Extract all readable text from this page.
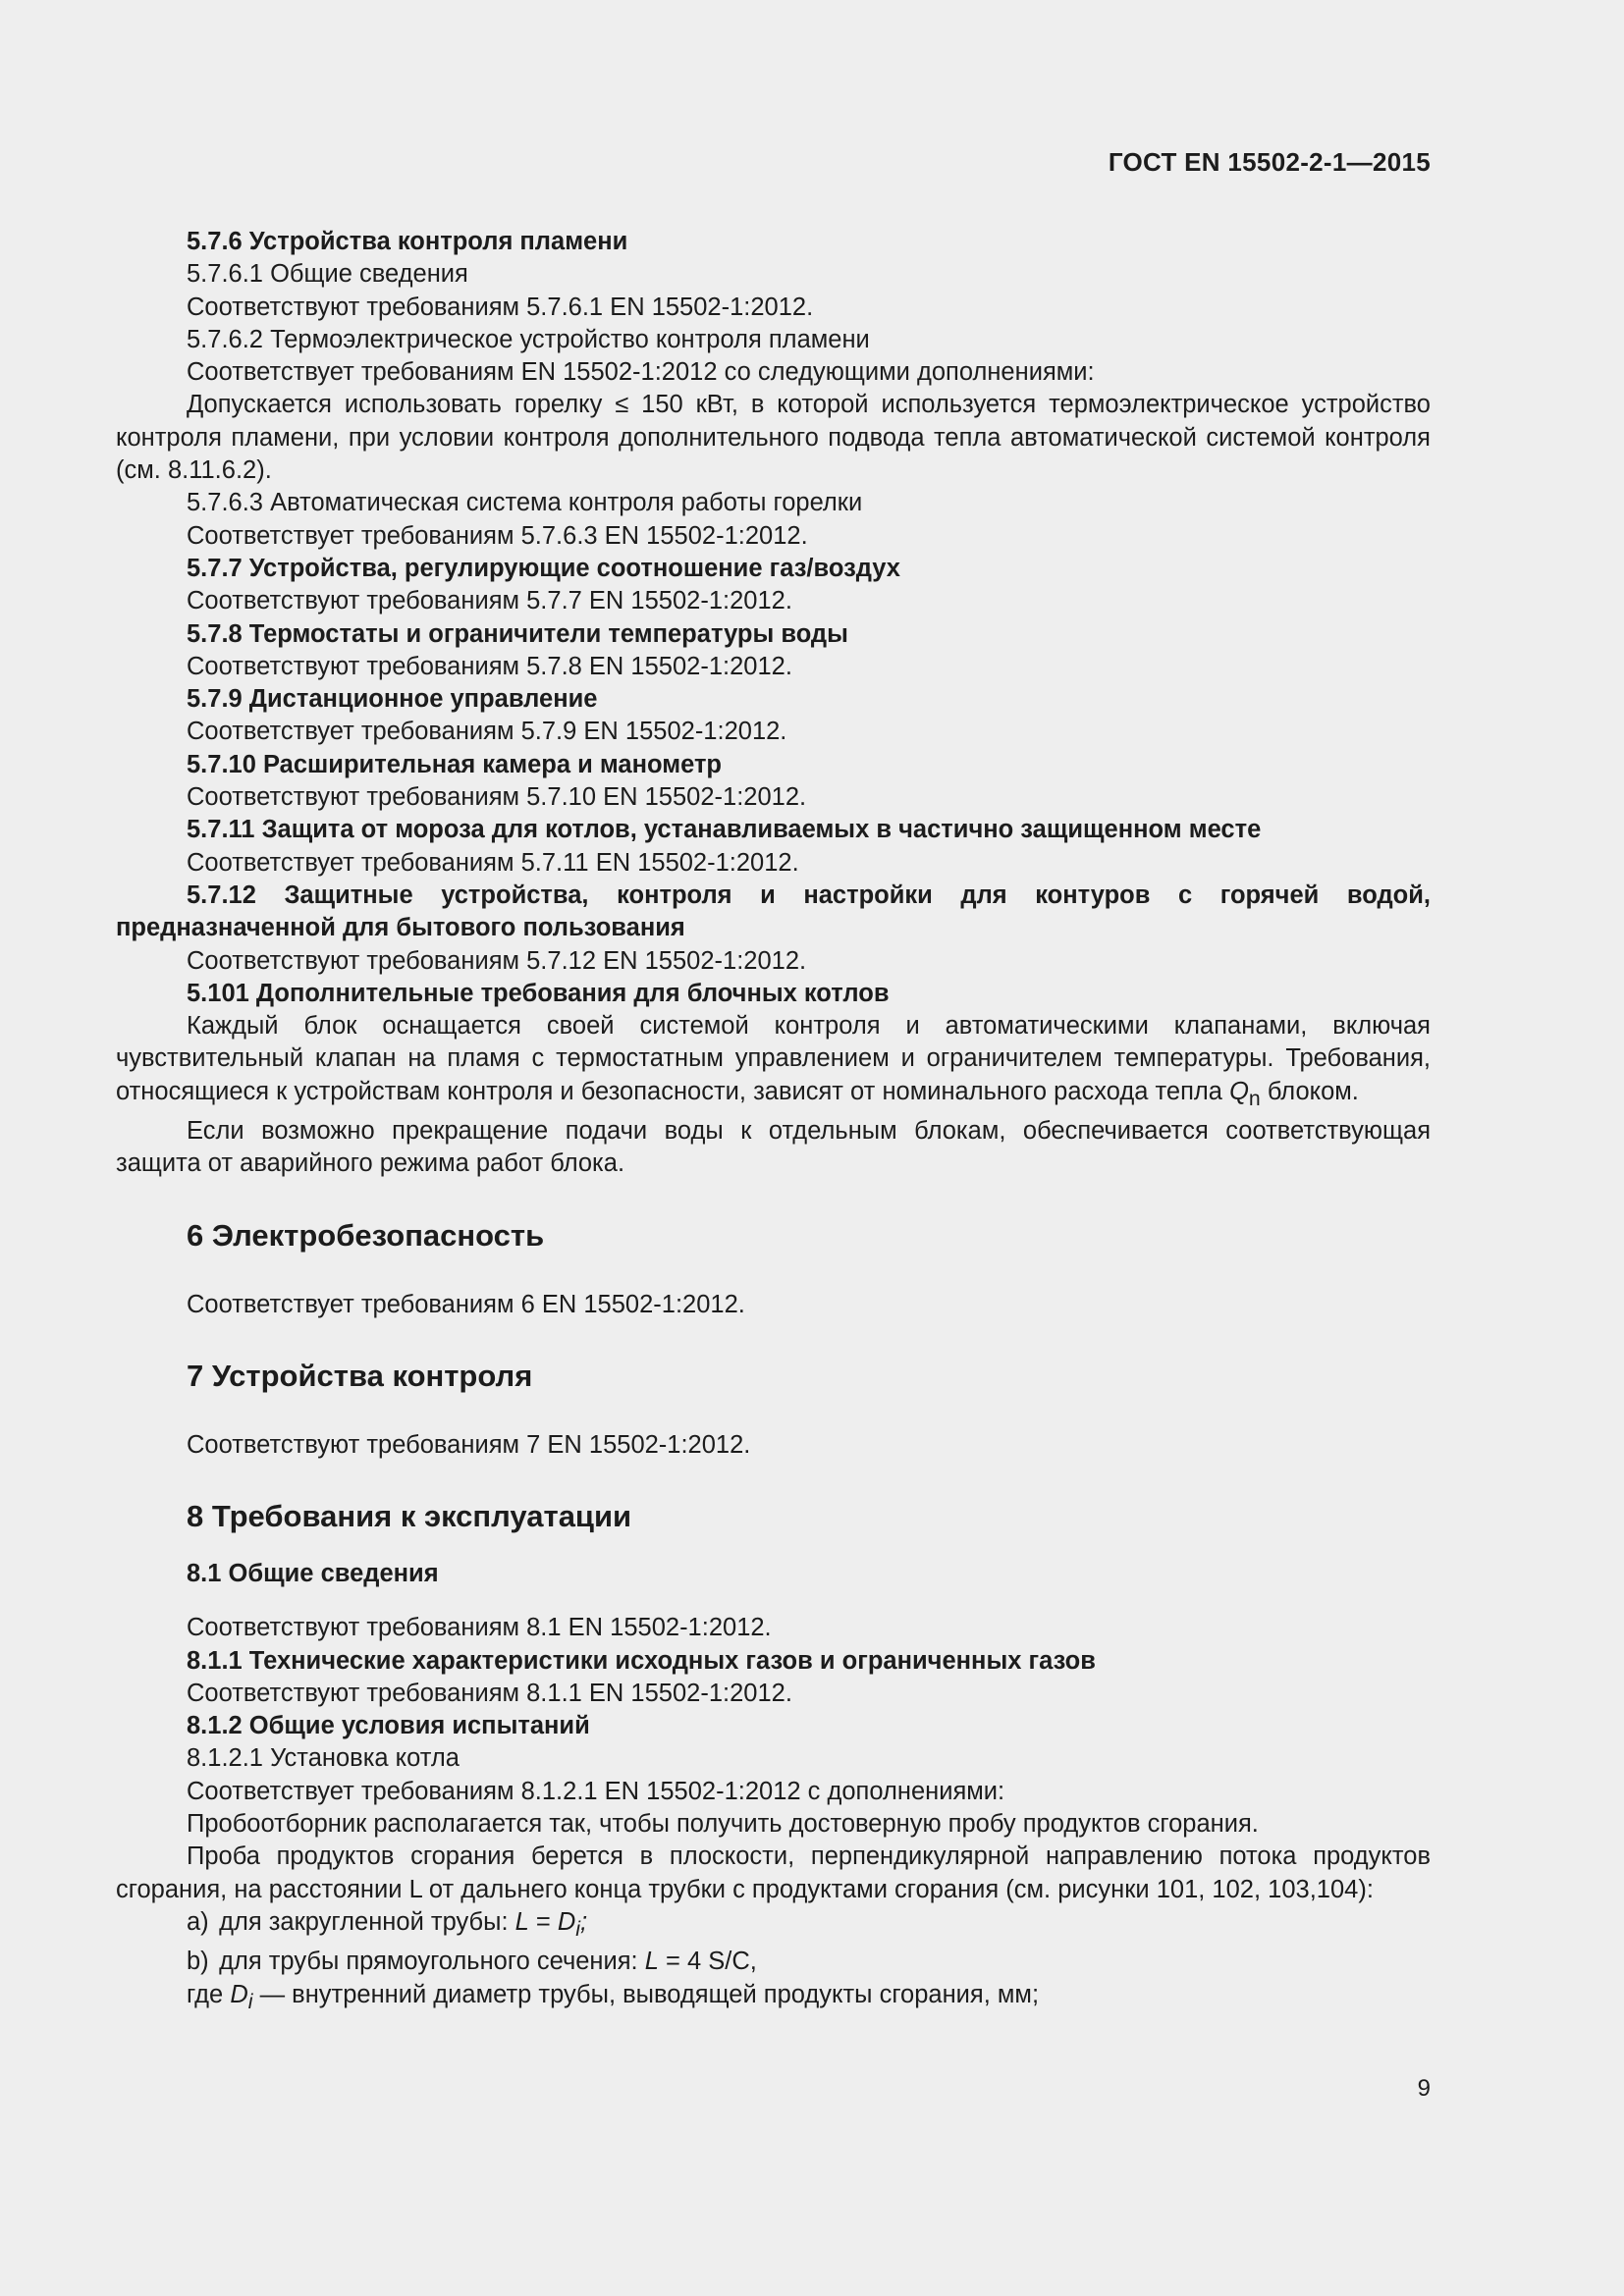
ГОСТ EN 15502-2-1—2015

5.7.6 Устройства контроля пламени

5.7.6.1 Общие сведения

Соответствуют требованиям 5.7.6.1 EN 15502-1:2012.

5.7.6.2 Термоэлектрическое устройство контроля пламени

Соответствует требованиям EN 15502-1:2012 со следующими дополнениями:

Допускается использовать горелку ≤ 150 кВт, в которой используется термоэлектрическое устройство контроля пламени, при условии контроля дополнительного подвода тепла автоматической системой контроля (см. 8.11.6.2).

5.7.6.3 Автоматическая система контроля работы горелки

Соответствует требованиям 5.7.6.3 EN 15502-1:2012.

5.7.7 Устройства, регулирующие соотношение газ/воздух

Соответствуют требованиям 5.7.7 EN 15502-1:2012.

5.7.8 Термостаты и ограничители температуры воды

Соответствуют требованиям 5.7.8 EN 15502-1:2012.

5.7.9 Дистанционное управление

Соответствует требованиям 5.7.9 EN 15502-1:2012.

5.7.10 Расширительная камера и манометр

Соответствуют требованиям 5.7.10 EN 15502-1:2012.

5.7.11 Защита от мороза для котлов, устанавливаемых в частично защищенном месте

Соответствует требованиям 5.7.11 EN 15502-1:2012.

5.7.12 Защитные устройства, контроля и настройки для контуров с горячей водой, предназначенной для бытового пользования

Соответствуют требованиям 5.7.12 EN 15502-1:2012.

5.101 Дополнительные требования для блочных котлов

Каждый блок оснащается своей системой контроля и автоматическими клапанами, включая чувствительный клапан на пламя с термостатным управлением и ограничителем температуры. Требования, относящиеся к устройствам контроля и безопасности, зависят от номинального расхода тепла $Q_n$ блоком.

Если возможно прекращение подачи воды к отдельным блокам, обеспечивается соответствующая защита от аварийного режима работ блока.

6 Электробезопасность

Соответствует требованиям 6 EN 15502-1:2012.

7 Устройства контроля

Соответствуют требованиям 7 EN 15502-1:2012.

8 Требования к эксплуатации

8.1 Общие сведения

Соответствуют требованиям 8.1 EN 15502-1:2012.

8.1.1 Технические характеристики исходных газов и ограниченных газов

Соответствуют требованиям 8.1.1 EN 15502-1:2012.

8.1.2 Общие условия испытаний

8.1.2.1 Установка котла

Соответствует требованиям 8.1.2.1 EN 15502-1:2012 с дополнениями:

Пробоотборник располагается так, чтобы получить достоверную пробу продуктов сгорания.

Проба продуктов сгорания берется в плоскости, перпендикулярной направлению потока продуктов сгорания, на расстоянии L от дальнего конца трубки с продуктами сгорания (см. рисунки 101, 102, 103,104):

a) для закругленной трубы: $L = D_i$;

b) для трубы прямоугольного сечения: L = 4 S/C,

где $D_i$ — внутренний диаметр трубы, выводящей продукты сгорания, мм;

9
